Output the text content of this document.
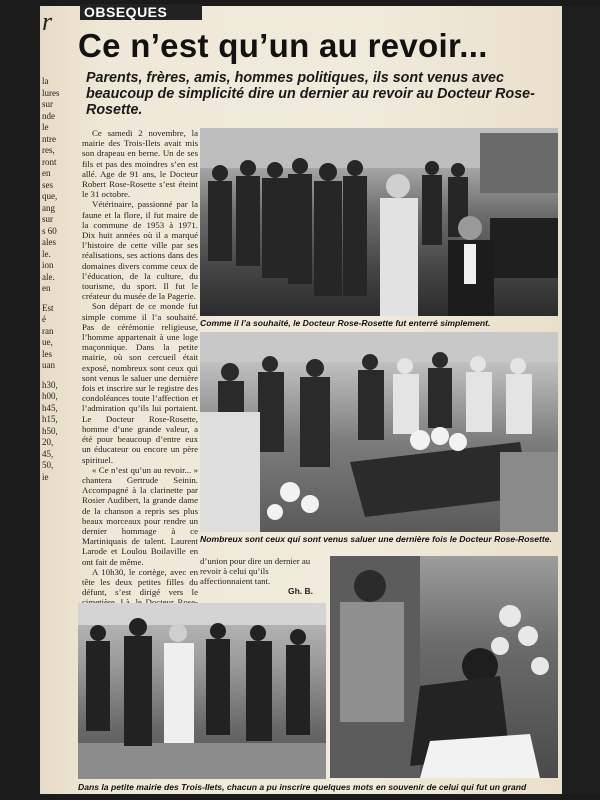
r
la
lures
sur
nde
le
ntre
res,
ront
en
ses
que,
ang
sur
s 60
ales
le.
ion
ale.
en
Est
é
ran
ue,
les
uan
h30,
h00,
h45,
h15,
h50,
20,
45,
50,
ie
OBSEQUES
Ce n’est qu’un au revoir...
Parents, frères, amis, hommes politiques, ils sont venus avec beaucoup de simplicité dire un dernier au revoir au Docteur Rose-Rosette.

Ce samedi 2 novembre, la mairie des Trois-Ilets avait mis son drapeau en berne. Un de ses fils et pas des moindres s’en est allé. Age de 91 ans, le Docteur Robert Rose-Rosette s’est éteint le 31 octobre.

Vétérinaire, passionné par la faune et la flore, il fut maire de la commune de 1953 à 1971. Dix huit années où il a marqué l’histoire de cette ville par ses réalisations, ses actions dans des domaines divers comme ceux de l’éducation, de la culture, du tourisme, du sport. Il fut le créateur du musée de la Pagerie.

Son départ de ce monde fut simple comme il l’a souhaité. Pas de cérémonie religieuse, l’homme appartenait à une loge maçonnique. Dans la petite mairie, où son cercueil était exposé, nombreux sont ceux qui sont venus le saluer une dernière fois et inscrire sur le registre des condoléances toute l’affection et l’admiration qu’ils lui portaient. Le Docteur Rose-Rosette, homme d’une grande valeur, a été pour beaucoup d’entre eux un éducateur ou encore un père spirituel.

« Ce n’est qu’un au revoir... » chantera Gertrude Seinin. Accompagné à la clarinette par Rosier Audibert, la grande dame de la chanson a repris ses plus beaux morceaux pour rendre un dernier hommage à ce Martiniquais de talent. Laurent Larode et Loulou Boilaville en ont fait de même.

A 10h30, le cortège, avec en tête les deux petites filles du défunt, s’est dirigé vers le

Comme il l’a souhaité, le Docteur Rose-Rosette fut enterré simplement.
Nombreux sont ceux qui sont venus saluer une dernière fois le Docteur Rose-Rosette.
d’union pour dire un dernier au revoir à celui qu’ils affectionnaient tant.
Gh. B.
Dans la petite mairie des Trois-Ilets, chacun a pu inscrire quelques mots en souvenir de celui qui fut un grand
